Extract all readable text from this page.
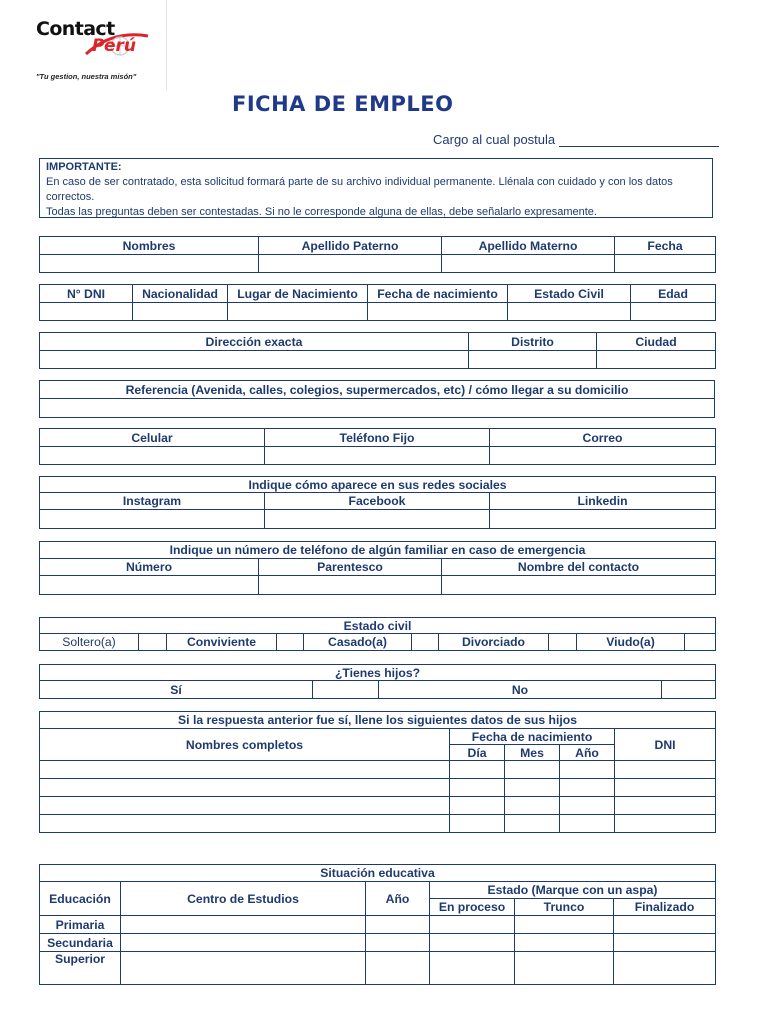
Contact
Perú
"Tu gestion, nuestra misón"
FICHA DE EMPLEO
Cargo al cual postula
IMPORTANTE:
En caso de ser contratado, esta solicitud formará parte de su archivo individual permanente. Llénala con cuidado y con los datos correctos.
Todas las preguntas deben ser contestadas. Si no le corresponde alguna de ellas, debe señalarlo expresamente.
Nombres	Apellido Paterno	Apellido Materno	Fecha

N° DNI	Nacionalidad	Lugar de Nacimiento	Fecha de nacimiento	Estado Civil	Edad

Dirección exacta	Distrito	Ciudad

Referencia (Avenida, calles, colegios, supermercados, etc) / cómo llegar a su domicilio

Celular	Teléfono Fijo	Correo

Indique cómo aparece en sus redes sociales		
Instagram	Facebook	Linkedin

Indique un número de teléfono de algún familiar en caso de emergencia		
Número	Parentesco	Nombre del contacto

Estado civil
Soltero(a)		Conviviente		Casado(a)		Divorciado		Viudo(a)	
¿Tienes hijos?
Sí		No	
Si la respuesta anterior fue sí, llene los siguientes datos de sus hijos				
Nombres completos	Fecha de nacimiento			DNI
	Día	Mes	Año	

Situación educativa					
Educación	Centro de Estudios	Año	Estado (Marque con un aspa)		
			En proceso	Trunco	Finalizado
Primaria					
Secundaria					
Superior					
